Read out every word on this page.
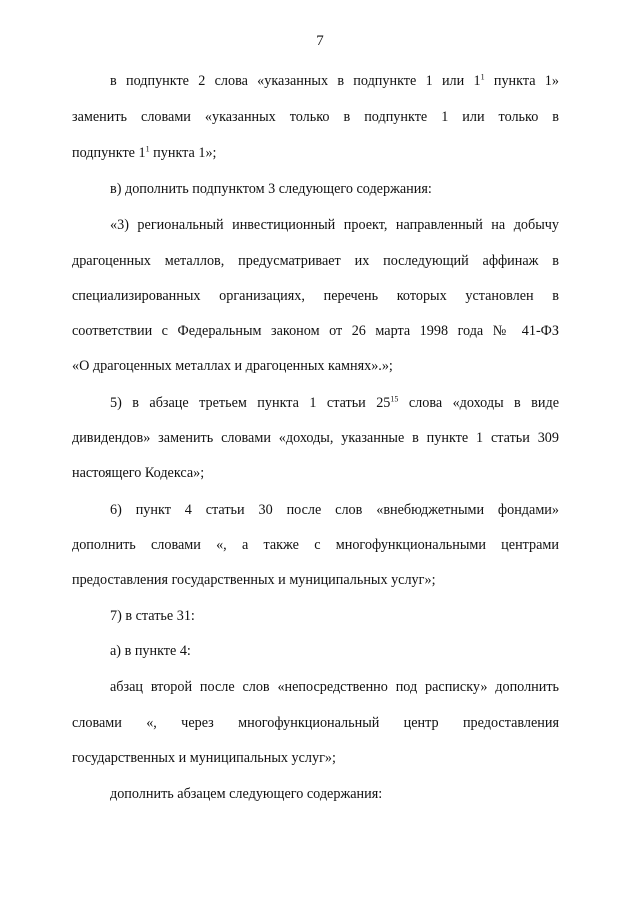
7
в подпункте 2 слова «указанных в подпункте 1 или $1^1$ пункта 1»
заменить словами «указанных только в подпункте 1 или только в
подпункте $1^1$ пункта 1»;
в) дополнить подпунктом 3 следующего содержания:
«3) региональный инвестиционный проект, направленный на добычу
драгоценных металлов, предусматривает их последующий аффинаж в
специализированных организациях, перечень которых установлен в
соответствии с Федеральным законом от 26 марта 1998 года № 41-ФЗ
«О драгоценных металлах и драгоценных камнях».»;
5) в абзаце третьем пункта 1 статьи $25^{15}$ слова «доходы в виде
дивидендов» заменить словами «доходы, указанные в пункте 1 статьи 309
настоящего Кодекса»;
6) пункт 4 статьи 30 после слов «внебюджетными фондами»
дополнить словами «, а также с многофункциональными центрами
предоставления государственных и муниципальных услуг»;
7) в статье 31:
а) в пункте 4:
абзац второй после слов «непосредственно под расписку» дополнить
словами «, через многофункциональный центр предоставления
государственных и муниципальных услуг»;
дополнить абзацем следующего содержания:
